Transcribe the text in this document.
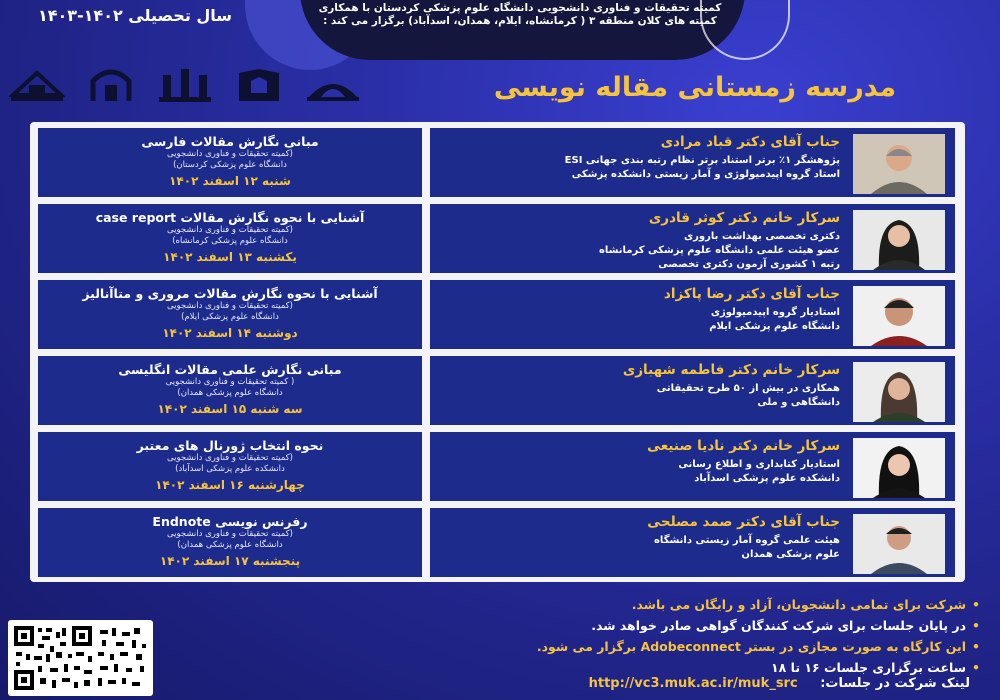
کمیته تحقیقات و فناوری دانشجویی دانشگاه علوم پزشکی کردستان با همکاری کمیته های کلان منطقه ۳ ( کرمانشاه، ایلام، همدان، اسدآباد) برگزار می کند :
سال تحصیلی ۱۴۰۲-۱۴۰۳
مدرسه زمستانی مقاله نویسی
مبانی نگارش مقالات فارسی
(کمیته تحقیقات و فناوری دانشجویی
دانشگاه علوم پزشکی کردستان)
شنبه ۱۲ اسفند ۱۴۰۲
آشنایی با نحوه نگارش مقالات case report
(کمیته تحقیقات و فناوری دانشجویی
دانشگاه علوم پزشکی کرمانشاه)
یکشنبه ۱۳ اسفند ۱۴۰۲
آشنایی با نحوه نگارش مقالات مروری و متاآنالیز
(کمیته تحقیقات و فناوری دانشجویی
دانشگاه علوم پزشکی ایلام)
دوشنبه ۱۴ اسفند ۱۴۰۲
مبانی نگارش علمی مقالات انگلیسی
( کمیته تحقیقات و فناوری دانشجویی
دانشگاه علوم پزشکی همدان)
سه شنبه ۱۵ اسفند ۱۴۰۲
نحوه انتخاب ژورنال های معتبر
(کمیته تحقیقات و فناوری دانشجویی
دانشکده علوم پزشکی اسدآباد)
چهارشنبه ۱۶ اسفند ۱۴۰۲
رفرنس نویسی Endnote
(کمیته تحقیقات و فناوری دانشجویی
دانشگاه علوم پزشکی همدان)
پنجشنبه ۱۷ اسفند ۱۴۰۲
جناب آقای دکتر قباد مرادی
پژوهشگر ۱٪ برتر استناد برتر نظام رتبه بندی جهانی ESI
استاد گروه اپیدمیولوژی و آمار زیستی دانشکده پزشکی
سرکار خانم دکتر کوثر قادری
دکتری تخصصی بهداشت باروری
عضو هیئت علمی دانشگاه علوم پزشکی کرمانشاه
رتبه ۱ کشوری آزمون دکتری تخصصی
جناب آقای دکتر رضا پاکزاد
استادیار گروه اپیدمیولوژی
دانشگاه علوم پزشکی ایلام
سرکار خانم دکتر فاطمه شهبازی
همکاری در بیش از ۵۰ طرح تحقیقاتی
دانشگاهی و ملی
سرکار خانم دکتر نادیا صنیعی
استادیار کتابداری و اطلاع رسانی
دانشکده علوم پزشکی اسدآباد
جناب آقای دکتر صمد مصلحی
هیئت علمی گروه آمار زیستی دانشگاه
علوم پزشکی همدان
•شرکت برای تمامی دانشجویان، آزاد و رایگان می باشد.
•در پایان جلسات برای شرکت کنندگان گواهی صادر خواهد شد.
•این کارگاه به صورت مجازی در بستر Adobeconnect برگزار می شود.
•ساعت برگزاری جلسات ۱۶ تا ۱۸
لینک شرکت در جلسات: http://vc3.muk.ac.ir/muk_src
